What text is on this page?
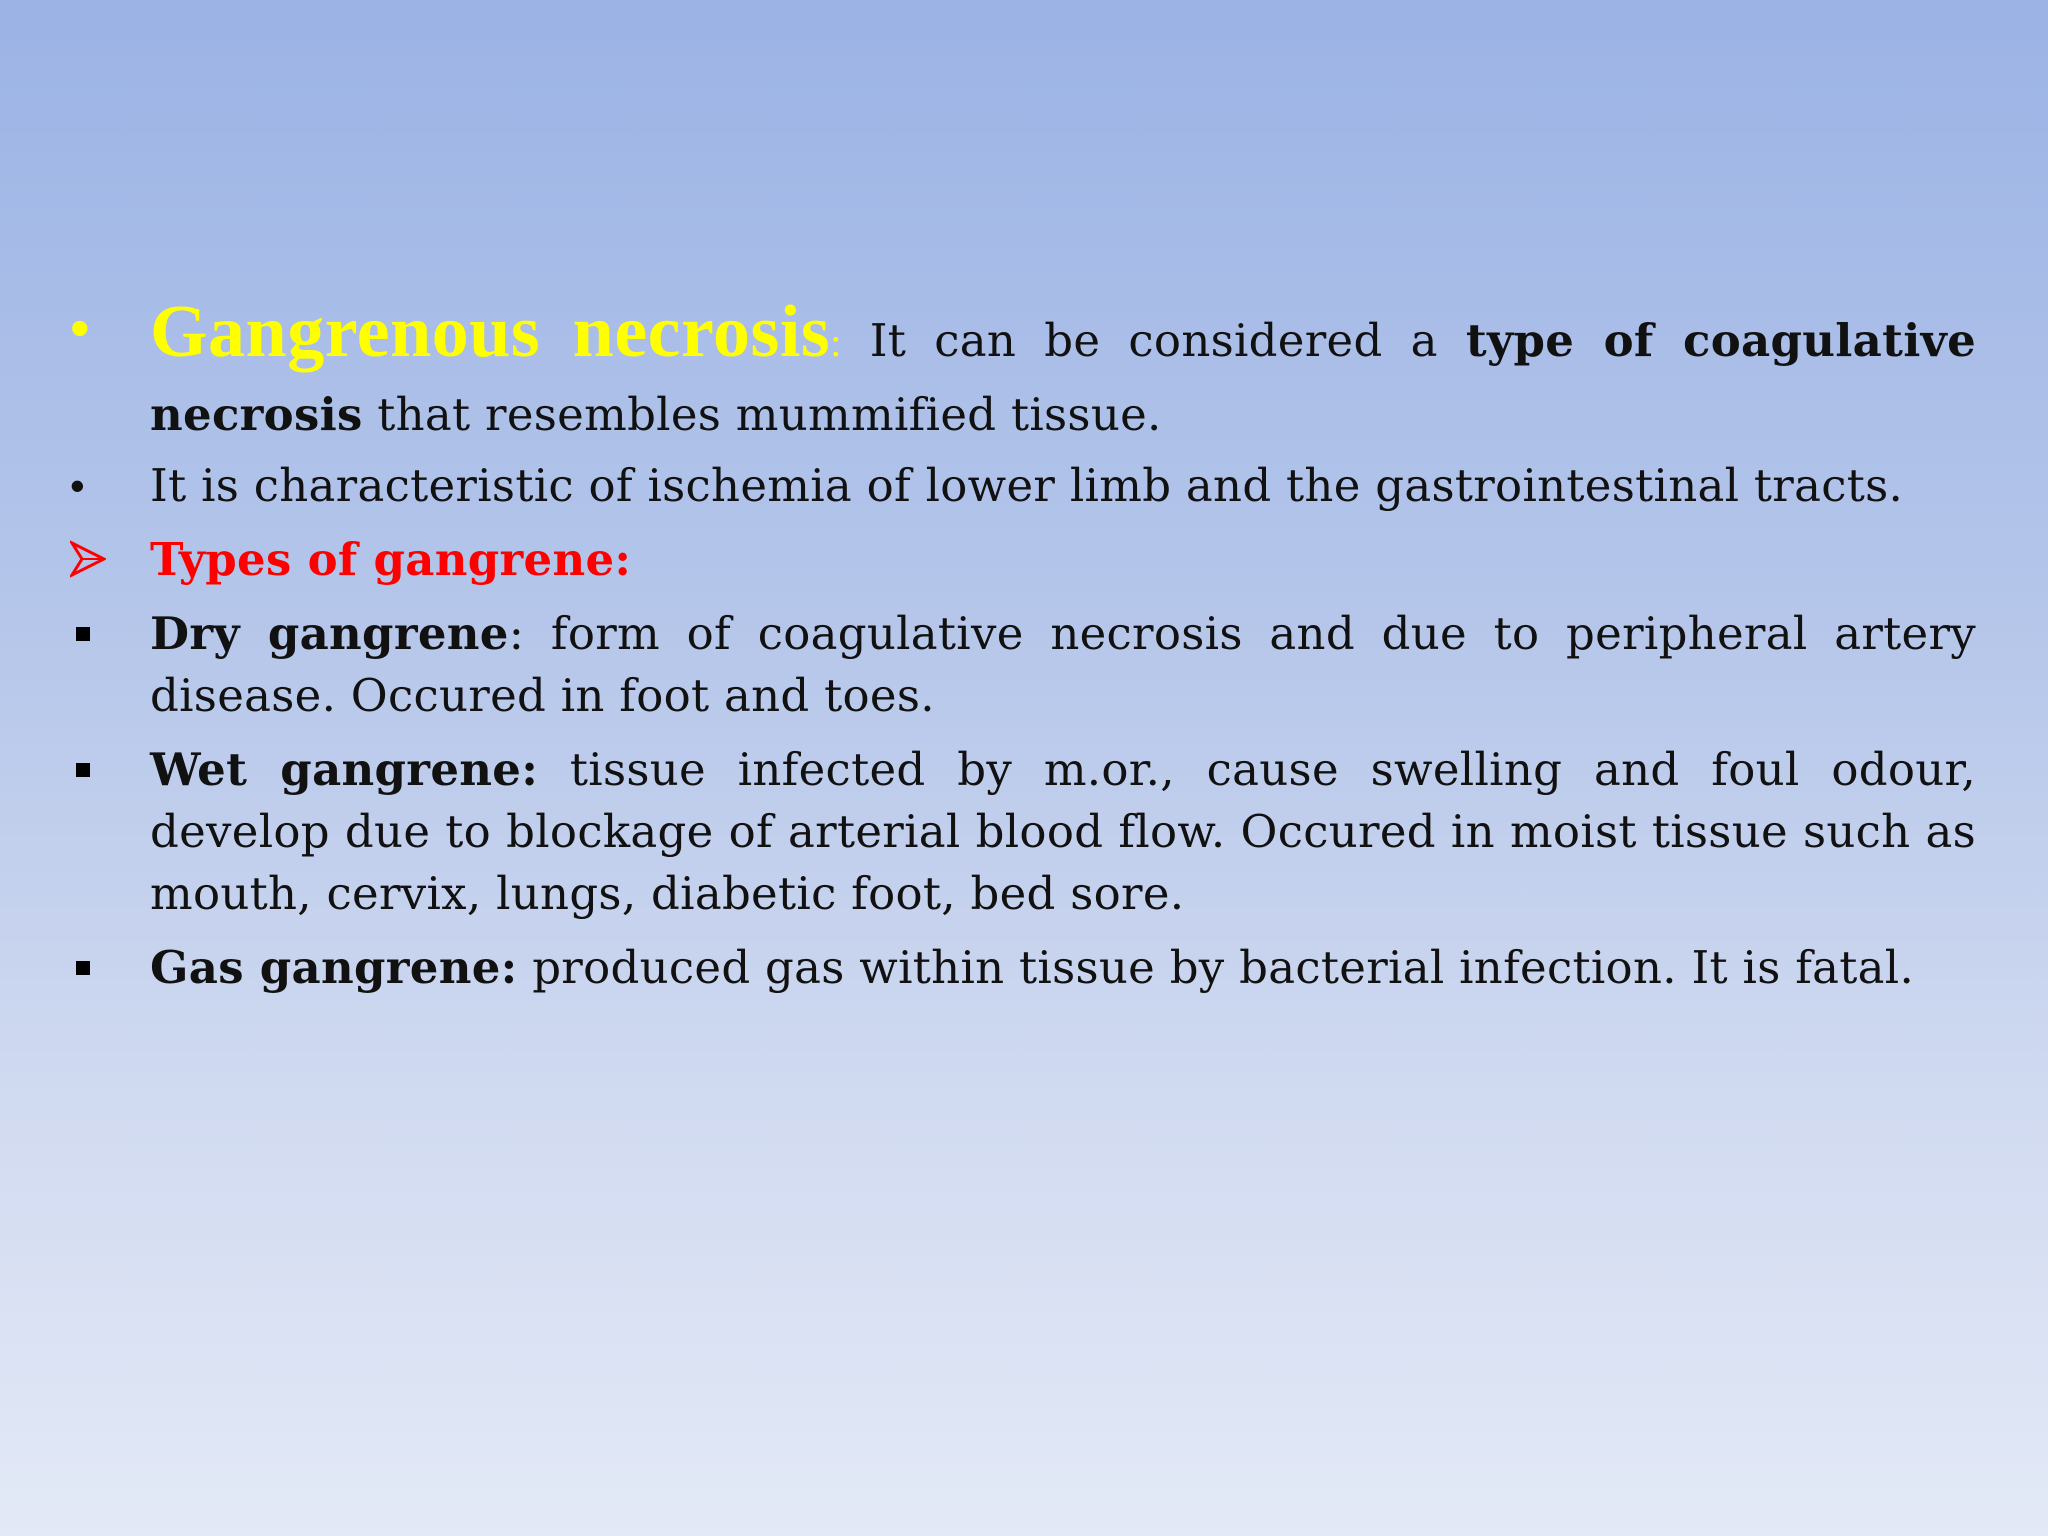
• Gangrenous necrosis: It can be considered a type of coagulative necrosis that resembles mummified tissue.
•	It is characteristic of ischemia of lower limb and the gastrointestinal tracts.
Types of gangrene:
Dry gangrene: form of coagulative necrosis and due to peripheral artery disease. Occured in foot and toes.
Wet gangrene: tissue infected by m.or., cause swelling and foul odour, develop due to blockage of arterial blood flow. Occured in moist tissue such as mouth, cervix, lungs, diabetic foot, bed sore.
Gas gangrene: produced gas within tissue by bacterial infection. It is fatal.
